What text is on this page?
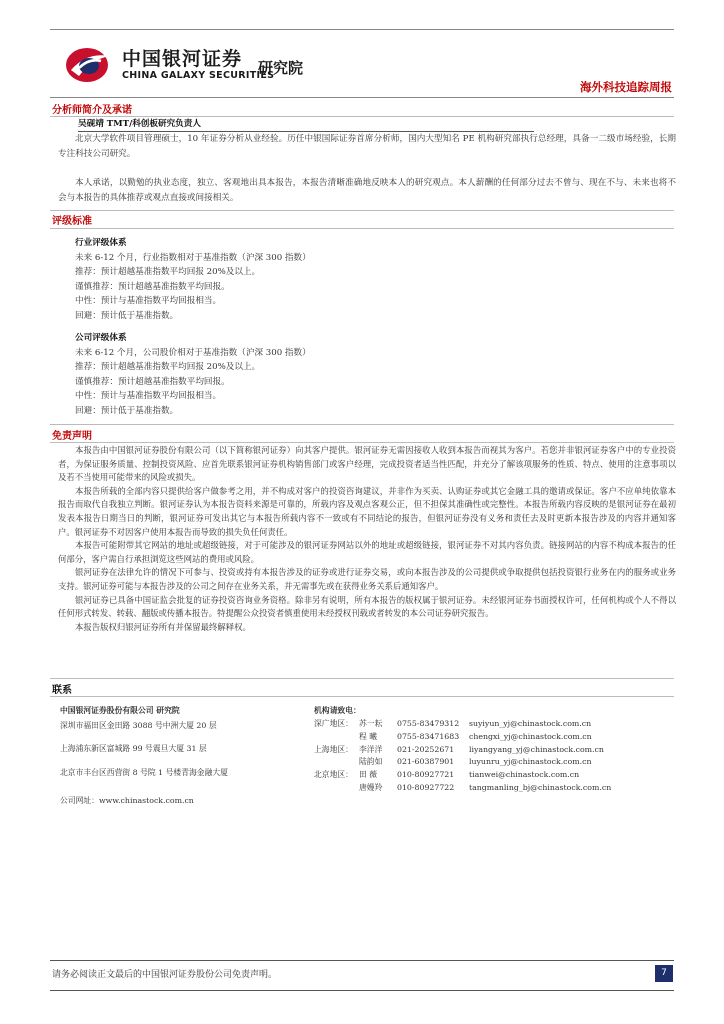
中国银河证券
CHINA GALAXY SECURITIES
研究院
海外科技追踪周报
分析师简介及承诺
吴砚靖 TMT/科创板研究负责人
北京大学软件项目管理硕士，10 年证券分析从业经验。历任中银国际证券首席分析师，国内大型知名 PE 机构研究部执行总经理，具备一二级市场经验，长期专注科技公司研究。
本人承诺，以勤勉的执业态度，独立、客观地出具本报告，本报告清晰准确地反映本人的研究观点。本人薪酬的任何部分过去不曾与、现在不与、未来也将不会与本报告的具体推荐或观点直接或间接相关。
评级标准
行业评级体系
未来 6-12 个月，行业指数相对于基准指数（沪深 300 指数）
推荐：预计超越基准指数平均回报 20%及以上。
谨慎推荐：预计超越基准指数平均回报。
中性：预计与基准指数平均回报相当。
回避：预计低于基准指数。
公司评级体系
未来 6-12 个月，公司股价相对于基准指数（沪深 300 指数）
推荐：预计超越基准指数平均回报 20%及以上。
谨慎推荐：预计超越基准指数平均回报。
中性：预计与基准指数平均回报相当。
回避：预计低于基准指数。
免责声明
本报告由中国银河证券股份有限公司（以下简称银河证券）向其客户提供。银河证券无需因接收人收到本报告而视其为客户。若您并非银河证券客户中的专业投资者，为保证服务质量、控制投资风险、应首先联系银河证券机构销售部门或客户经理，完成投资者适当性匹配，并充分了解该项服务的性质、特点、使用的注意事项以及若不当使用可能带来的风险或损失。
本报告所载的全部内容只提供给客户做参考之用，并不构成对客户的投资咨询建议，并非作为买卖、认购证券或其它金融工具的邀请或保证。客户不应单纯依靠本报告而取代自我独立判断。银河证券认为本报告资料来源是可靠的，所载内容及观点客观公正，但不担保其准确性或完整性。本报告所载内容反映的是银河证券在最初发表本报告日期当日的判断，银河证券可发出其它与本报告所载内容不一致或有不同结论的报告，但银河证券没有义务和责任去及时更新本报告涉及的内容并通知客户。银河证券不对因客户使用本报告而导致的损失负任何责任。
本报告可能附带其它网站的地址或超级链接，对于可能涉及的银河证券网站以外的地址或超级链接，银河证券不对其内容负责。链接网站的内容不构成本报告的任何部分，客户需自行承担浏览这些网站的费用或风险。
银河证券在法律允许的情况下可参与、投资或持有本报告涉及的证券或进行证券交易，或向本报告涉及的公司提供或争取提供包括投资银行业务在内的服务或业务支持。银河证券可能与本报告涉及的公司之间存在业务关系，并无需事先或在获得业务关系后通知客户。
银河证券已具备中国证监会批复的证券投资咨询业务资格。除非另有说明，所有本报告的版权属于银河证券。未经银河证券书面授权许可，任何机构或个人不得以任何形式转发、转载、翻版或传播本报告。特提醒公众投资者慎重使用未经授权刊载或者转发的本公司证券研究报告。
本报告版权归银河证券所有并保留最终解释权。
联系
中国银河证券股份有限公司 研究院
深圳市福田区金田路 3088 号中洲大厦 20 层
上海浦东新区富城路 99 号震旦大厦 31 层
北京市丰台区西营街 8 号院 1 号楼青海金融大厦
公司网址：www.chinastock.com.cn
机构请致电：
深广地区： 苏一耘	0755-83479312	suyiyun_yj@chinastock.com.cn
程 曦	0755-83471683	chengxi_yj@chinastock.com.cn
上海地区： 李洋洋	021-20252671	liyangyang_yj@chinastock.com.cn
陆韵如	021-60387901	luyunru_yj@chinastock.com.cn
北京地区： 田 薇	010-80927721	tianwei@chinastock.com.cn
唐嫚羚	010-80927722	tangmanling_bj@chinastock.com.cn
请务必阅读正文最后的中国银河证券股份公司免责声明。	7
